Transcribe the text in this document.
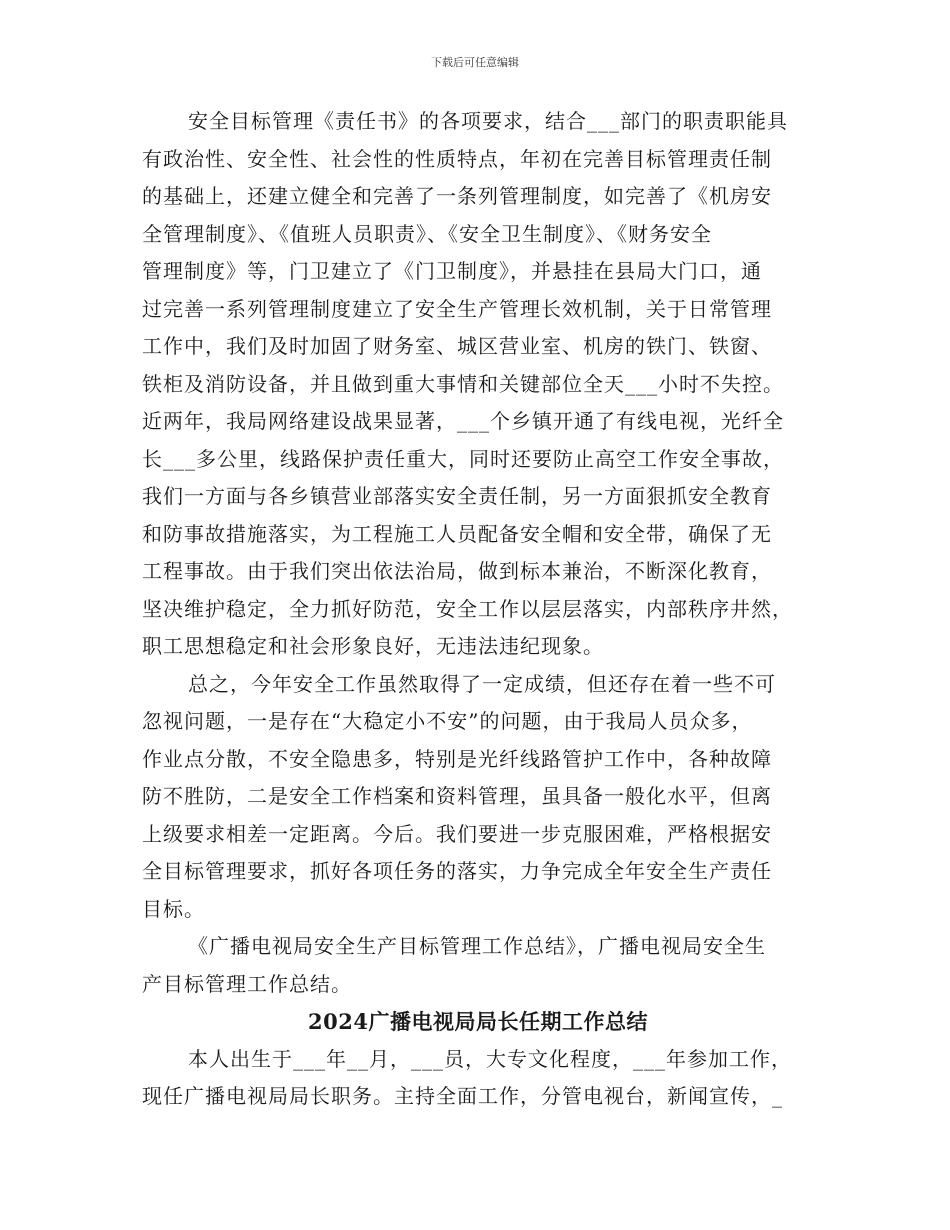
下载后可任意编辑
安全目标管理《责任书》的各项要求，结合___部门的职责职能具
有政治性、安全性、社会性的性质特点，年初在完善目标管理责任制
的基础上，还建立健全和完善了一条列管理制度，如完善了《机房安
全管理制度》、《值班人员职责》、《安全卫生制度》、《财务安全
管理制度》等，门卫建立了《门卫制度》，并悬挂在县局大门口，通
过完善一系列管理制度建立了安全生产管理长效机制，关于日常管理
工作中，我们及时加固了财务室、城区营业室、机房的铁门、铁窗、
铁柜及消防设备，并且做到重大事情和关键部位全天___小时不失控。
近两年，我局网络建设战果显著，___个乡镇开通了有线电视，光纤全
长___多公里，线路保护责任重大，同时还要防止高空工作安全事故，
我们一方面与各乡镇营业部落实安全责任制，另一方面狠抓安全教育
和防事故措施落实，为工程施工人员配备安全帽和安全带，确保了无
工程事故。由于我们突出依法治局，做到标本兼治，不断深化教育，
坚决维护稳定，全力抓好防范，安全工作以层层落实，内部秩序井然，
职工思想稳定和社会形象良好，无违法违纪现象。
总之，今年安全工作虽然取得了一定成绩，但还存在着一些不可
忽视问题，一是存在“大稳定小不安”的问题，由于我局人员众多，
作业点分散，不安全隐患多，特别是光纤线路管护工作中，各种故障
防不胜防，二是安全工作档案和资料管理，虽具备一般化水平，但离
上级要求相差一定距离。今后。我们要进一步克服困难，严格根据安
全目标管理要求，抓好各项任务的落实，力争完成全年安全生产责任
目标。
《广播电视局安全生产目标管理工作总结》，广播电视局安全生
产目标管理工作总结。
2024广播电视局局长任期工作总结
本人出生于___年__月，___员，大专文化程度，___年参加工作，
现任广播电视局局长职务。主持全面工作，分管电视台，新闻宣传，_
